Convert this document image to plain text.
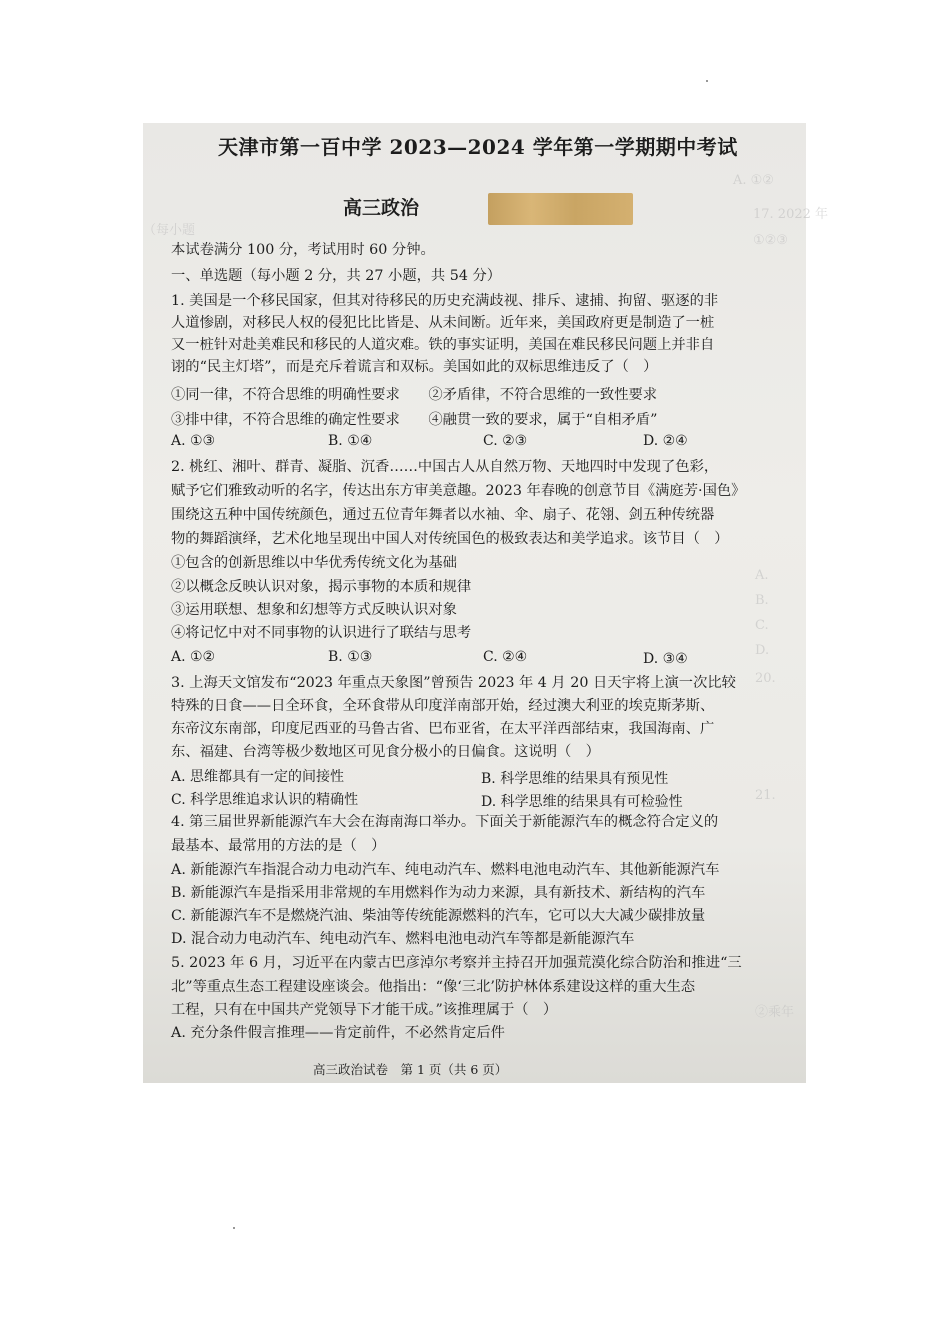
A. ①②
17. 2022 年
①②③
（每小题
A.
B.
C.
D.
20.
21.
②乘年
天津市第一百中学 2023—2024 学年第一学期期中考试
高三政治
本试卷满分 100 分，考试用时 60 分钟。
一、单选题（每小题 2 分，共 27 小题，共 54 分）
1. 美国是一个移民国家，但其对待移民的历史充满歧视、排斥、逮捕、拘留、驱逐的非
人道惨剧，对移民人权的侵犯比比皆是、从未间断。近年来，美国政府更是制造了一桩
又一桩针对赴美难民和移民的人道灾难。铁的事实证明，美国在难民移民问题上并非自
诩的“民主灯塔”，而是充斥着谎言和双标。美国如此的双标思维违反了（　）
①同一律，不符合思维的明确性要求　　②矛盾律，不符合思维的一致性要求
③排中律，不符合思维的确定性要求　　④融贯一致的要求，属于“自相矛盾”
A. ①③	B. ①④	C. ②③	D. ②④
2. 桃红、湘叶、群青、凝脂、沉香……中国古人从自然万物、天地四时中发现了色彩，
赋予它们雅致动听的名字，传达出东方审美意趣。2023 年春晚的创意节目《满庭芳·国色》
围绕这五种中国传统颜色，通过五位青年舞者以水袖、伞、扇子、花翎、剑五种传统器
物的舞蹈演绎，艺术化地呈现出中国人对传统国色的极致表达和美学追求。该节目（　）
①包含的创新思维以中华优秀传统文化为基础
②以概念反映认识对象，揭示事物的本质和规律
③运用联想、想象和幻想等方式反映认识对象
④将记忆中对不同事物的认识进行了联结与思考
A. ①②	B. ①③	C. ②④	D. ③④
3. 上海天文馆发布“2023 年重点天象图”曾预告 2023 年 4 月 20 日天宇将上演一次比较
特殊的日食——日全环食，全环食带从印度洋南部开始，经过澳大利亚的埃克斯茅斯、
东帝汶东南部，印度尼西亚的马鲁古省、巴布亚省，在太平洋西部结束，我国海南、广
东、福建、台湾等极少数地区可见食分极小的日偏食。这说明（　）
A. 思维都具有一定的间接性	B. 科学思维的结果具有预见性
C. 科学思维追求认识的精确性	D. 科学思维的结果具有可检验性
4. 第三届世界新能源汽车大会在海南海口举办。下面关于新能源汽车的概念符合定义的
最基本、最常用的方法的是（　）
A. 新能源汽车指混合动力电动汽车、纯电动汽车、燃料电池电动汽车、其他新能源汽车
B. 新能源汽车是指采用非常规的车用燃料作为动力来源，具有新技术、新结构的汽车
C. 新能源汽车不是燃烧汽油、柴油等传统能源燃料的汽车，它可以大大减少碳排放量
D. 混合动力电动汽车、纯电动汽车、燃料电池电动汽车等都是新能源汽车
5. 2023 年 6 月，习近平在内蒙古巴彦淖尔考察并主持召开加强荒漠化综合防治和推进“三
北”等重点生态工程建设座谈会。他指出：“像‘三北’防护林体系建设这样的重大生态
工程，只有在中国共产党领导下才能干成。”该推理属于（　）
A. 充分条件假言推理——肯定前件，不必然肯定后件
高三政治试卷　第 1 页（共 6 页）
